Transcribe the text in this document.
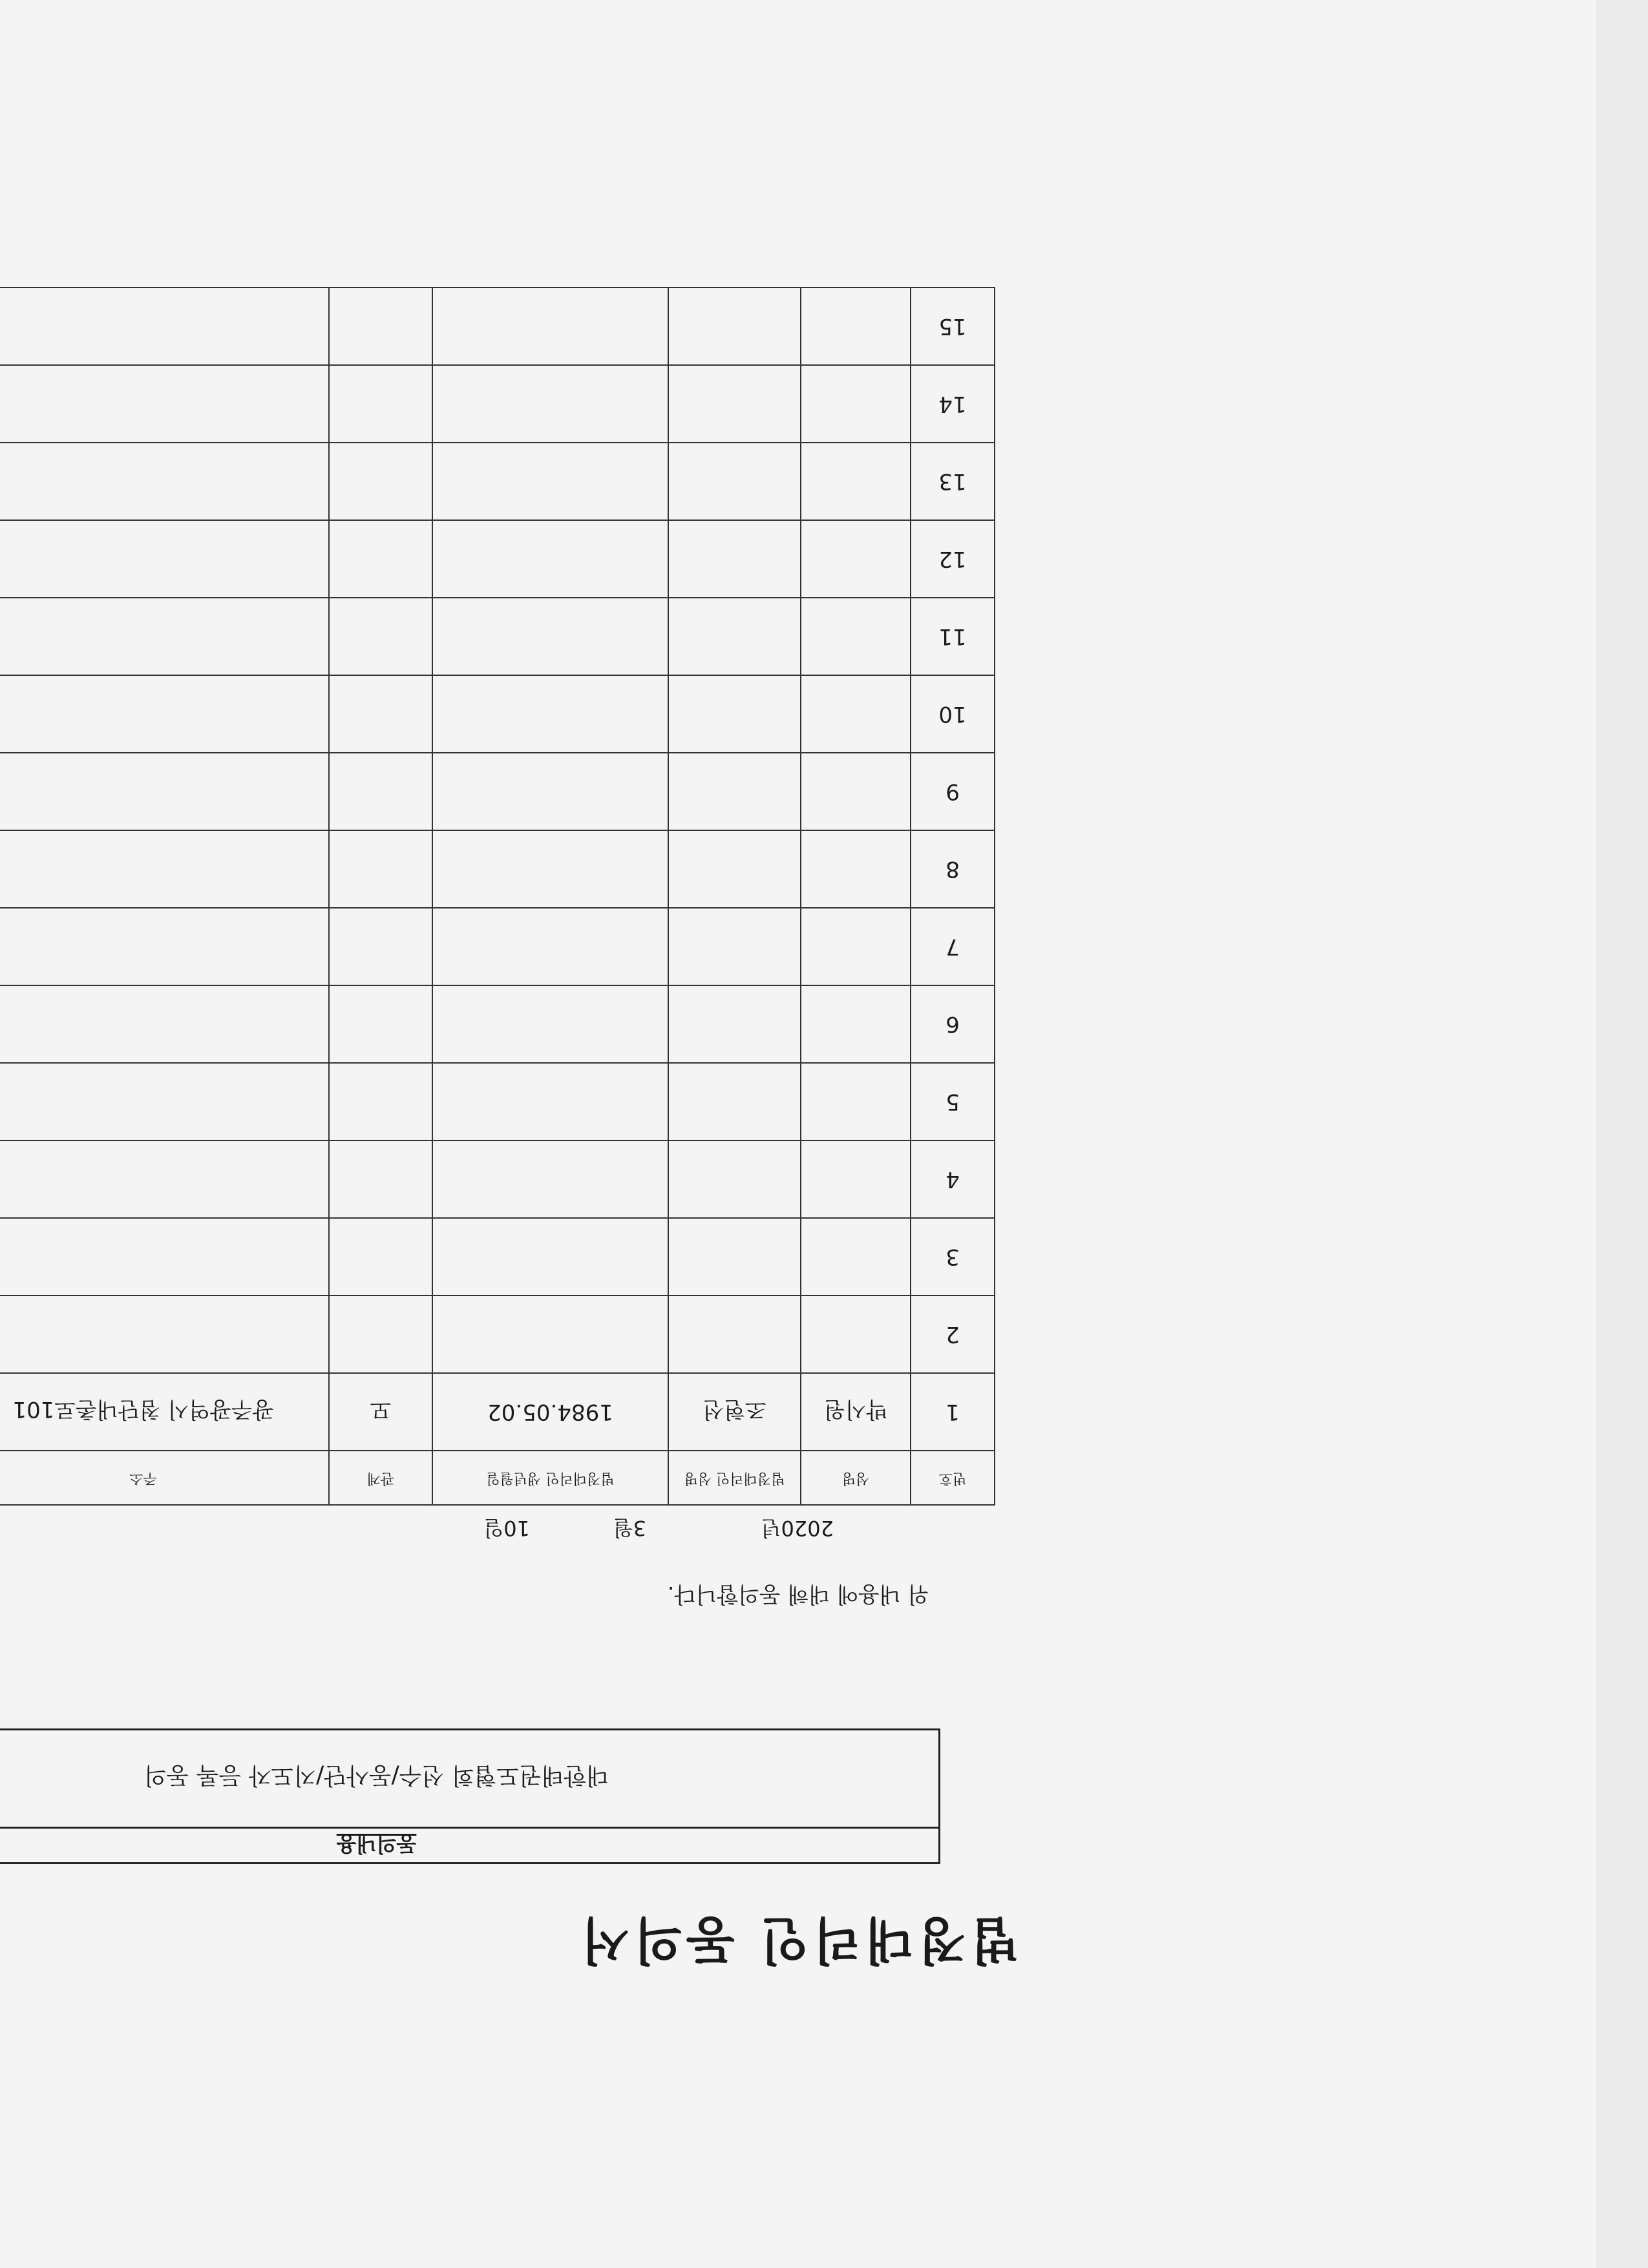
법정대리인 동의서
동의내용
대한태권도협회 선수/동사단/지도자 등록 동의
위 내용에 대해 동의합니다.
2020년
3월
10일
번호	성명	법정대리인 성명	법정대리인 생년월일	관계	주소	
1	박시원	조현선	1984.05.02	모	광주광역시 첨단내촌로101	

2						
3						
4						
5						
6						
7						
8						
9						
10						
11						
12						
13						
14						
15						
